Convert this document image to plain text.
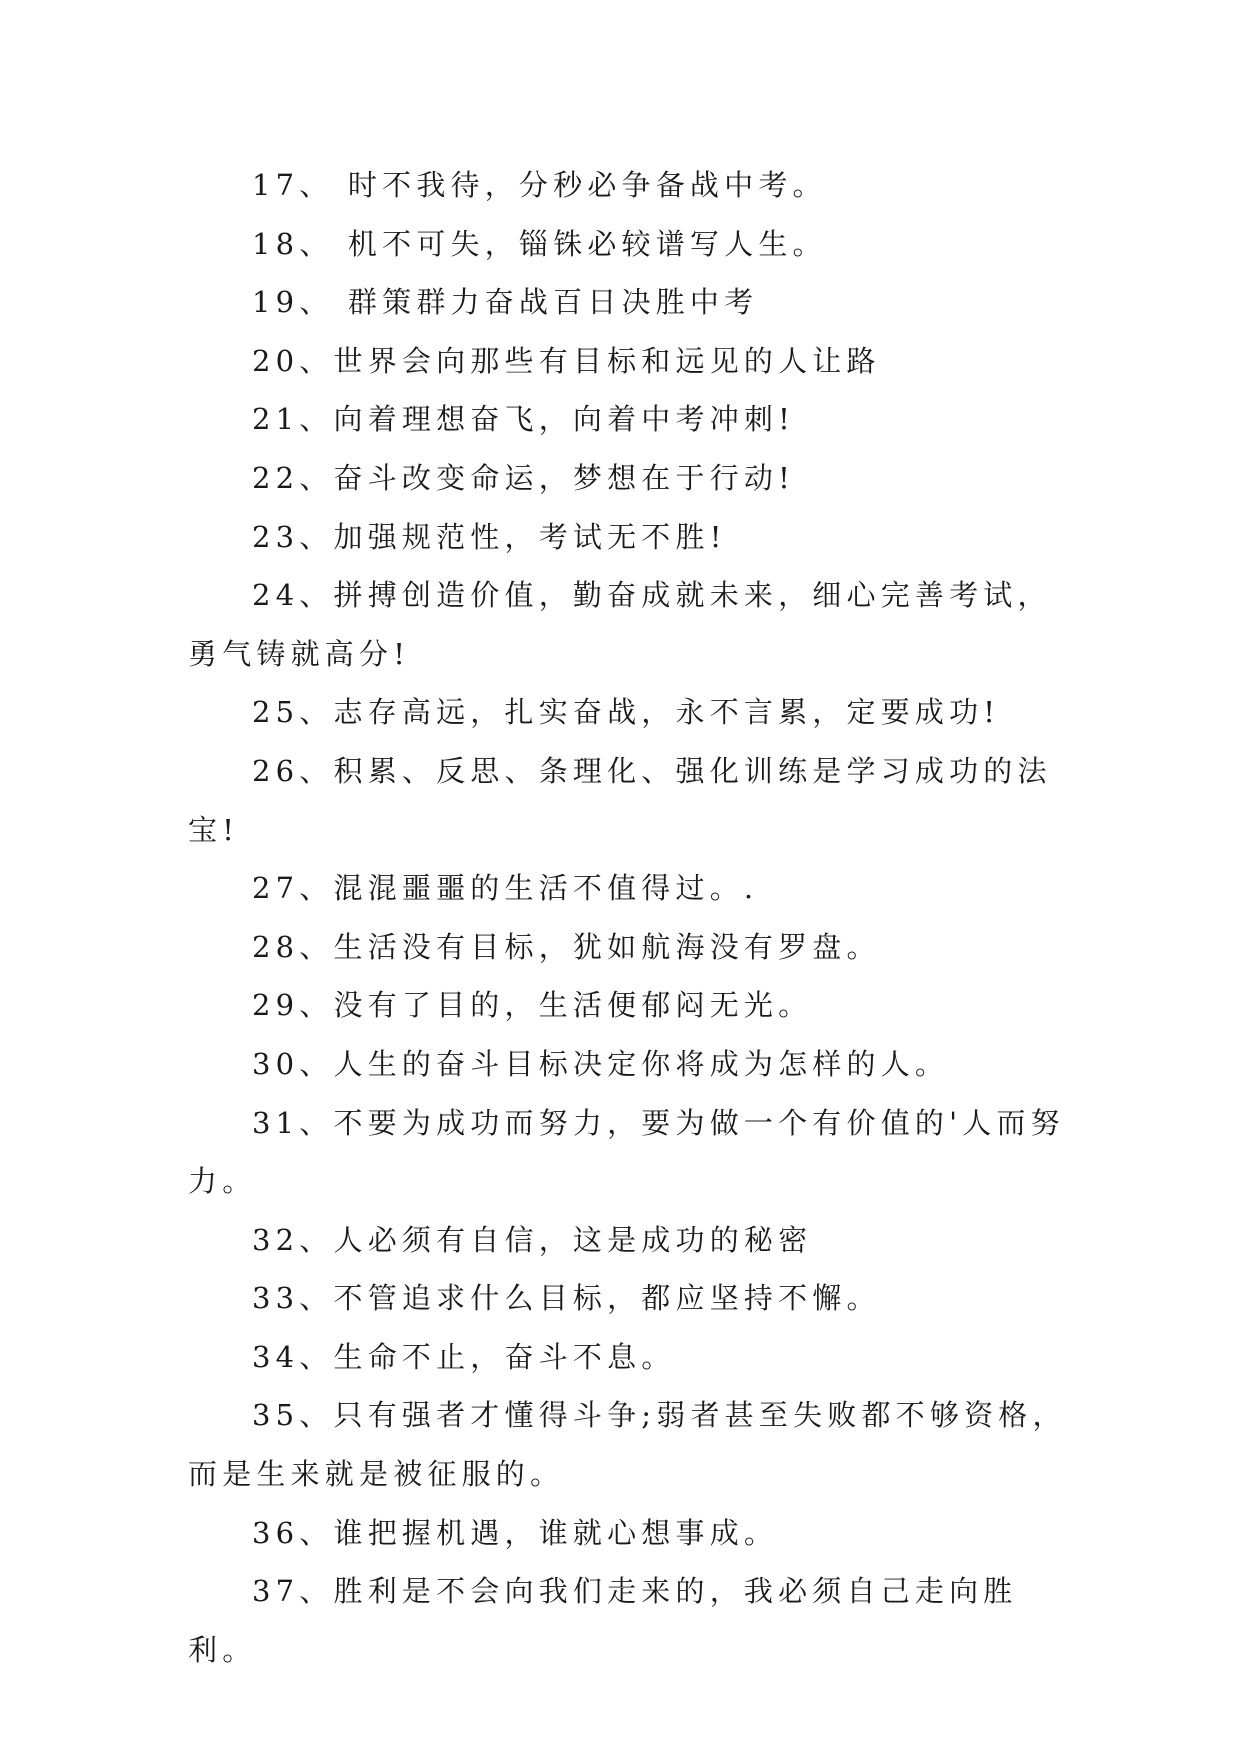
17、 时不我待，分秒必争备战中考。

18、 机不可失，锱铢必较谱写人生。

19、 群策群力奋战百日决胜中考

20、世界会向那些有目标和远见的人让路

21、向着理想奋飞，向着中考冲刺!

22、奋斗改变命运，梦想在于行动!

23、加强规范性，考试无不胜!

24、拼搏创造价值，勤奋成就未来，细心完善考试，勇气铸就高分!

25、志存高远，扎实奋战，永不言累，定要成功!

26、积累、反思、条理化、强化训练是学习成功的法宝!

27、混混噩噩的生活不值得过。.

28、生活没有目标，犹如航海没有罗盘。

29、没有了目的，生活便郁闷无光。

30、人生的奋斗目标决定你将成为怎样的人。

31、不要为成功而努力，要为做一个有价值的'人而努力。

32、人必须有自信，这是成功的秘密

33、不管追求什么目标，都应坚持不懈。

34、生命不止，奋斗不息。

35、只有强者才懂得斗争;弱者甚至失败都不够资格，而是生来就是被征服的。

36、谁把握机遇，谁就心想事成。

37、胜利是不会向我们走来的，我必须自己走向胜利。
